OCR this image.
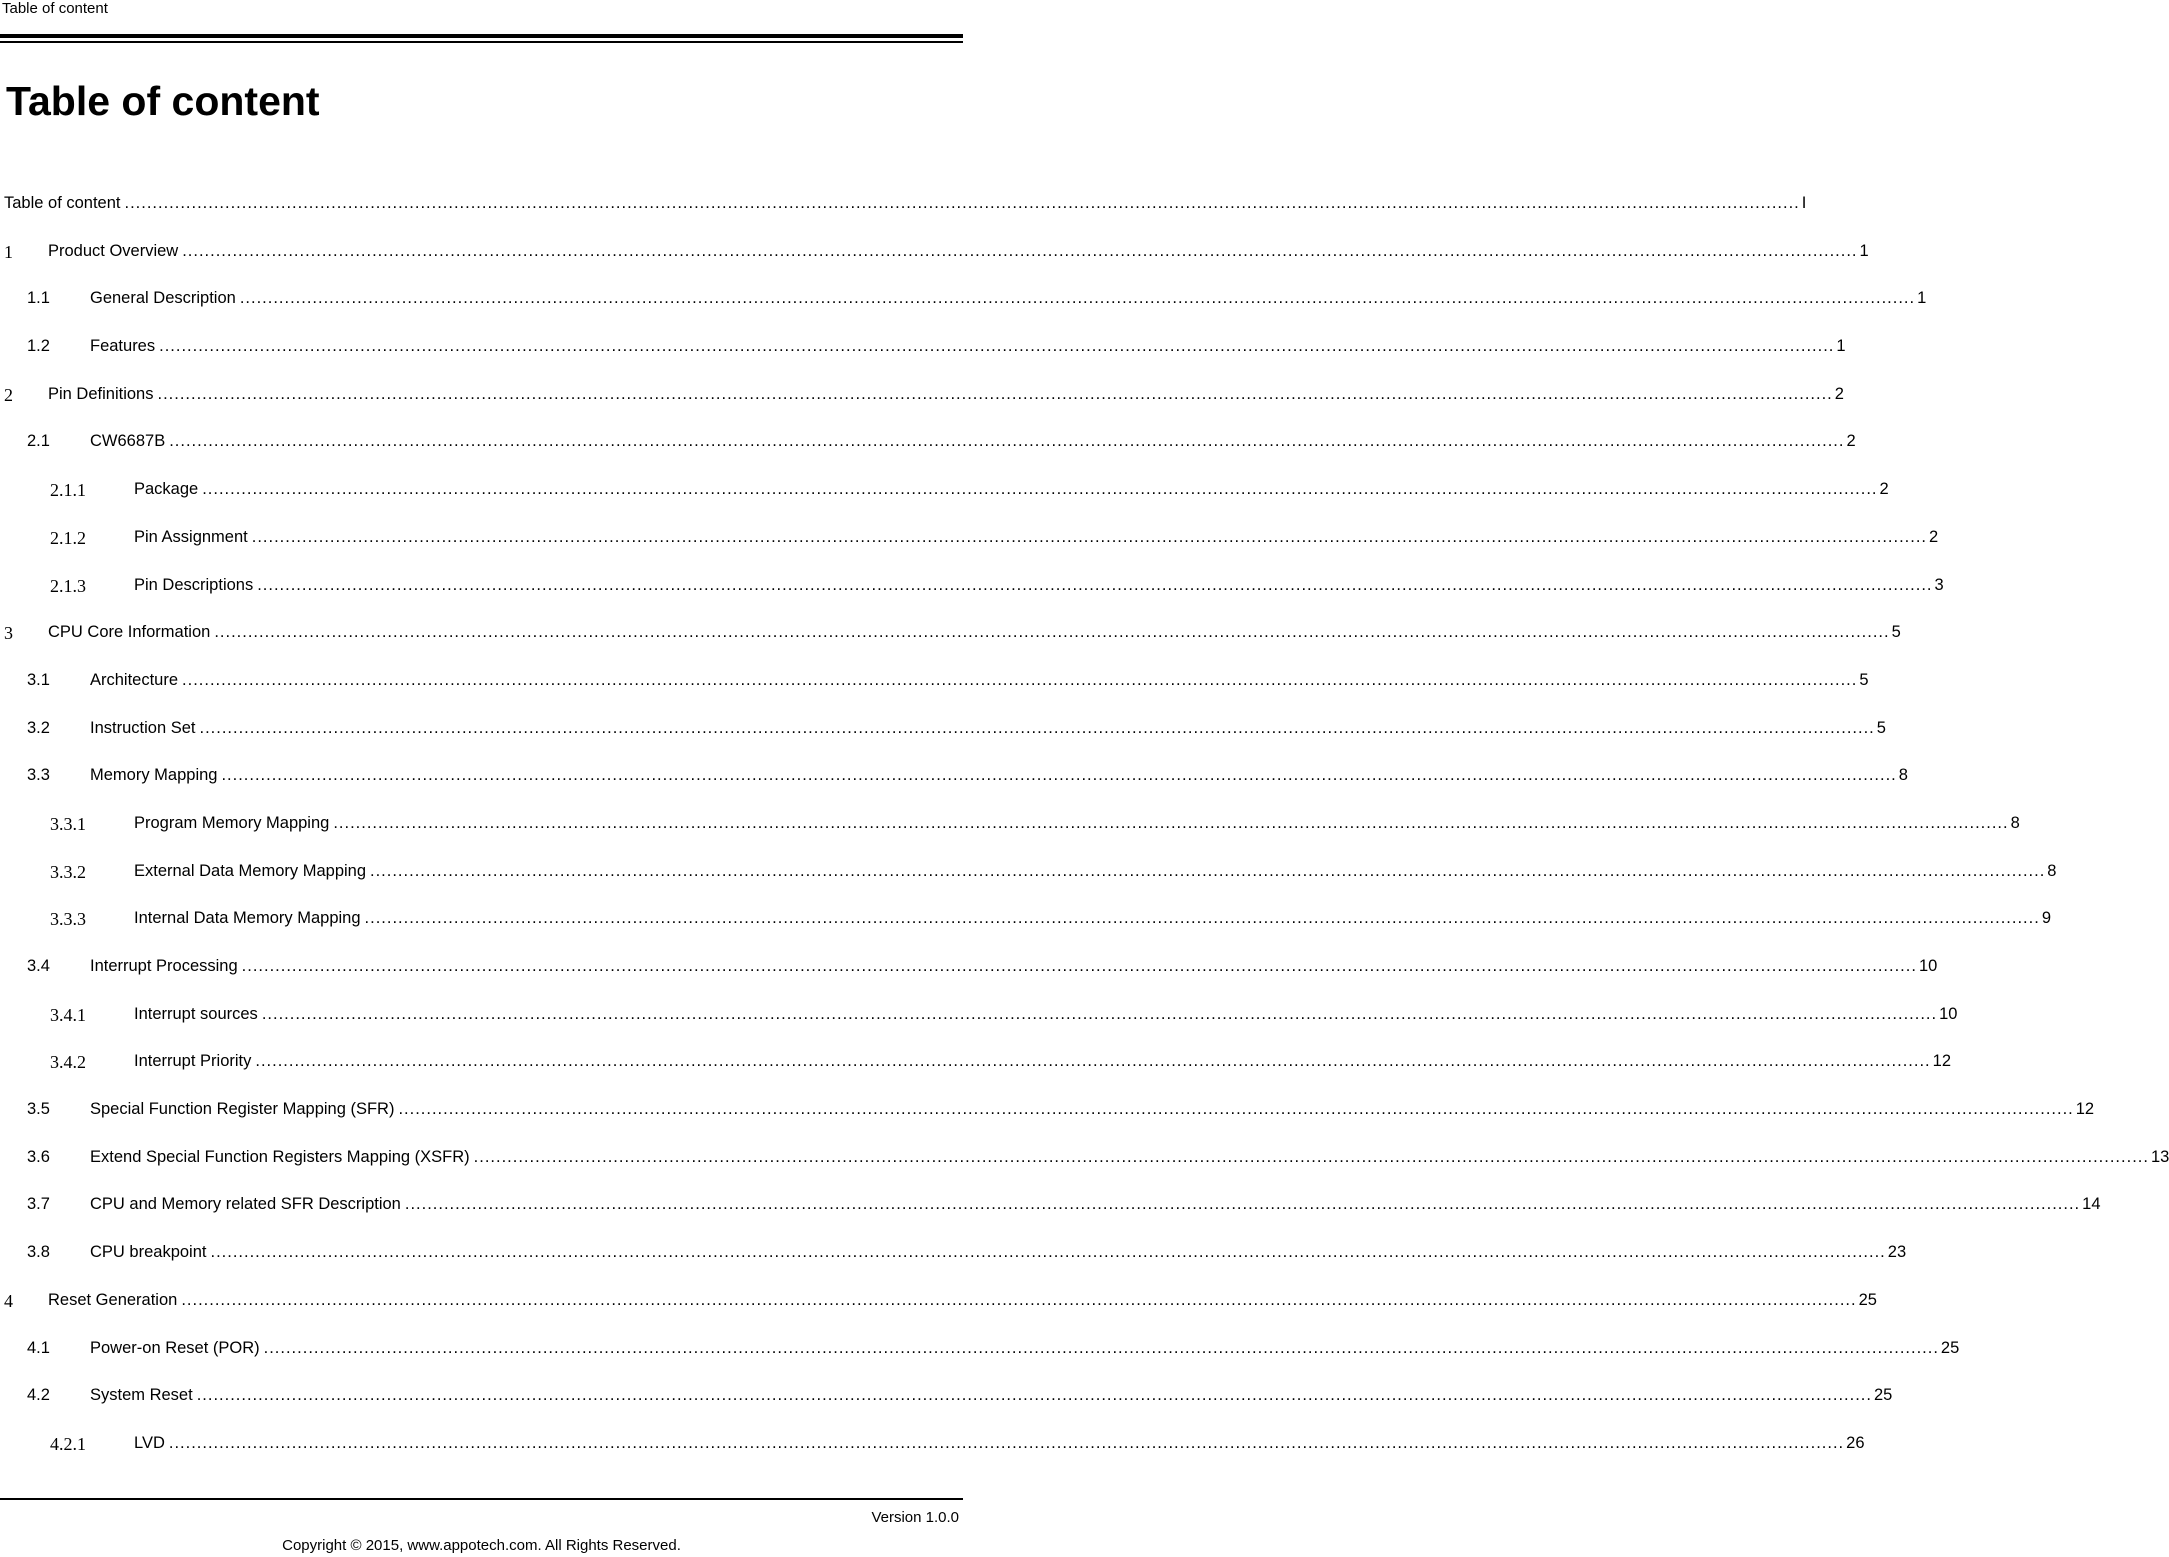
Table of content
Table of content
Table of content ............................................................................................................................................................................................................................................................................................................ I
1 Product Overview ............................................................................................................................................................................................................................................................................................................ 1
1.1 General Description ............................................................................................................................................................................................................................................................................................................ 1
1.2 Features ............................................................................................................................................................................................................................................................................................................ 1
2 Pin Definitions ............................................................................................................................................................................................................................................................................................................ 2
2.1 CW6687B ............................................................................................................................................................................................................................................................................................................ 2
2.1.1	Package ............................................................................................................................................................................................................................................................................................................ 2
2.1.2	Pin Assignment ............................................................................................................................................................................................................................................................................................................ 2
2.1.3	Pin Descriptions ............................................................................................................................................................................................................................................................................................................ 3
3 CPU Core Information ............................................................................................................................................................................................................................................................................................................ 5
3.1 Architecture ............................................................................................................................................................................................................................................................................................................ 5
3.2 Instruction Set ............................................................................................................................................................................................................................................................................................................ 5
3.3 Memory Mapping ............................................................................................................................................................................................................................................................................................................ 8
3.3.1	Program Memory Mapping ............................................................................................................................................................................................................................................................................................................ 8
3.3.2	External Data Memory Mapping ............................................................................................................................................................................................................................................................................................................ 8
3.3.3	Internal Data Memory Mapping ............................................................................................................................................................................................................................................................................................................ 9
3.4 Interrupt Processing ............................................................................................................................................................................................................................................................................................................ 10
3.4.1	Interrupt sources ............................................................................................................................................................................................................................................................................................................ 10
3.4.2	Interrupt Priority ............................................................................................................................................................................................................................................................................................................ 12
3.5 Special Function Register Mapping (SFR) ............................................................................................................................................................................................................................................................................................................ 12
3.6 Extend Special Function Registers Mapping (XSFR) ............................................................................................................................................................................................................................................................................................................ 13
3.7 CPU and Memory related SFR Description ............................................................................................................................................................................................................................................................................................................ 14
3.8 CPU breakpoint ............................................................................................................................................................................................................................................................................................................ 23
4 Reset Generation ............................................................................................................................................................................................................................................................................................................ 25
4.1 Power-on Reset (POR) ............................................................................................................................................................................................................................................................................................................ 25
4.2 System Reset ............................................................................................................................................................................................................................................................................................................ 25
4.2.1	LVD ............................................................................................................................................................................................................................................................................................................ 26
Version 1.0.0
Copyright © 2015, www.appotech.com. All Rights Reserved.
